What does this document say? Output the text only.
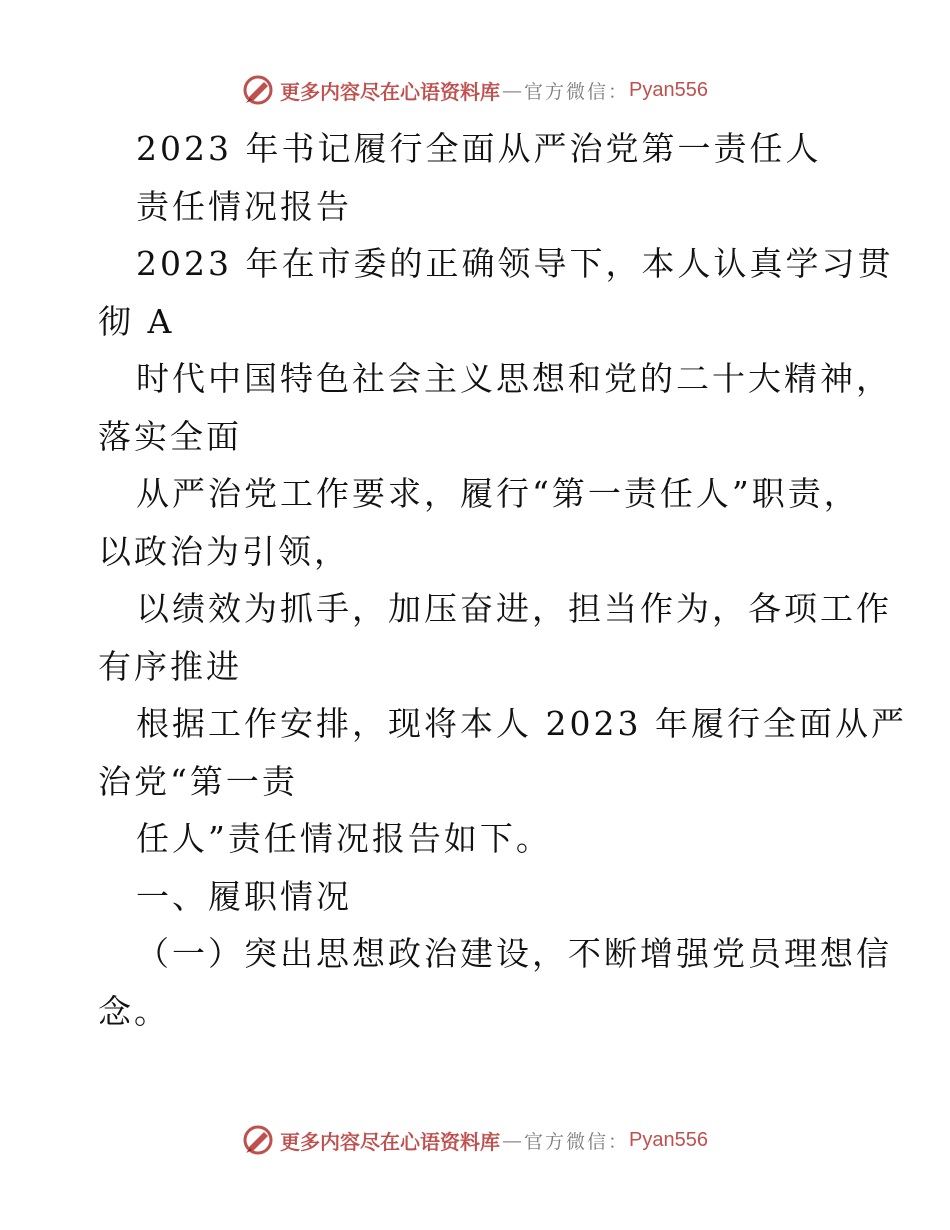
更多内容尽在心语资料库 — 官方微信： Pyan556
2023 年书记履行全面从严治党第一责任人
责任情况报告
2023 年在市委的正确领导下，本人认真学习贯
彻 A
时代中国特色社会主义思想和党的二十大精神，
落实全面
从严治党工作要求，履行“第一责任人”职责，
以政治为引领，
以绩效为抓手，加压奋进，担当作为，各项工作
有序推进
根据工作安排，现将本人 2023 年履行全面从严
治党“第一责
任人”责任情况报告如下。
一、履职情况
（一）突出思想政治建设，不断增强党员理想信
念。
更多内容尽在心语资料库 — 官方微信： Pyan556
